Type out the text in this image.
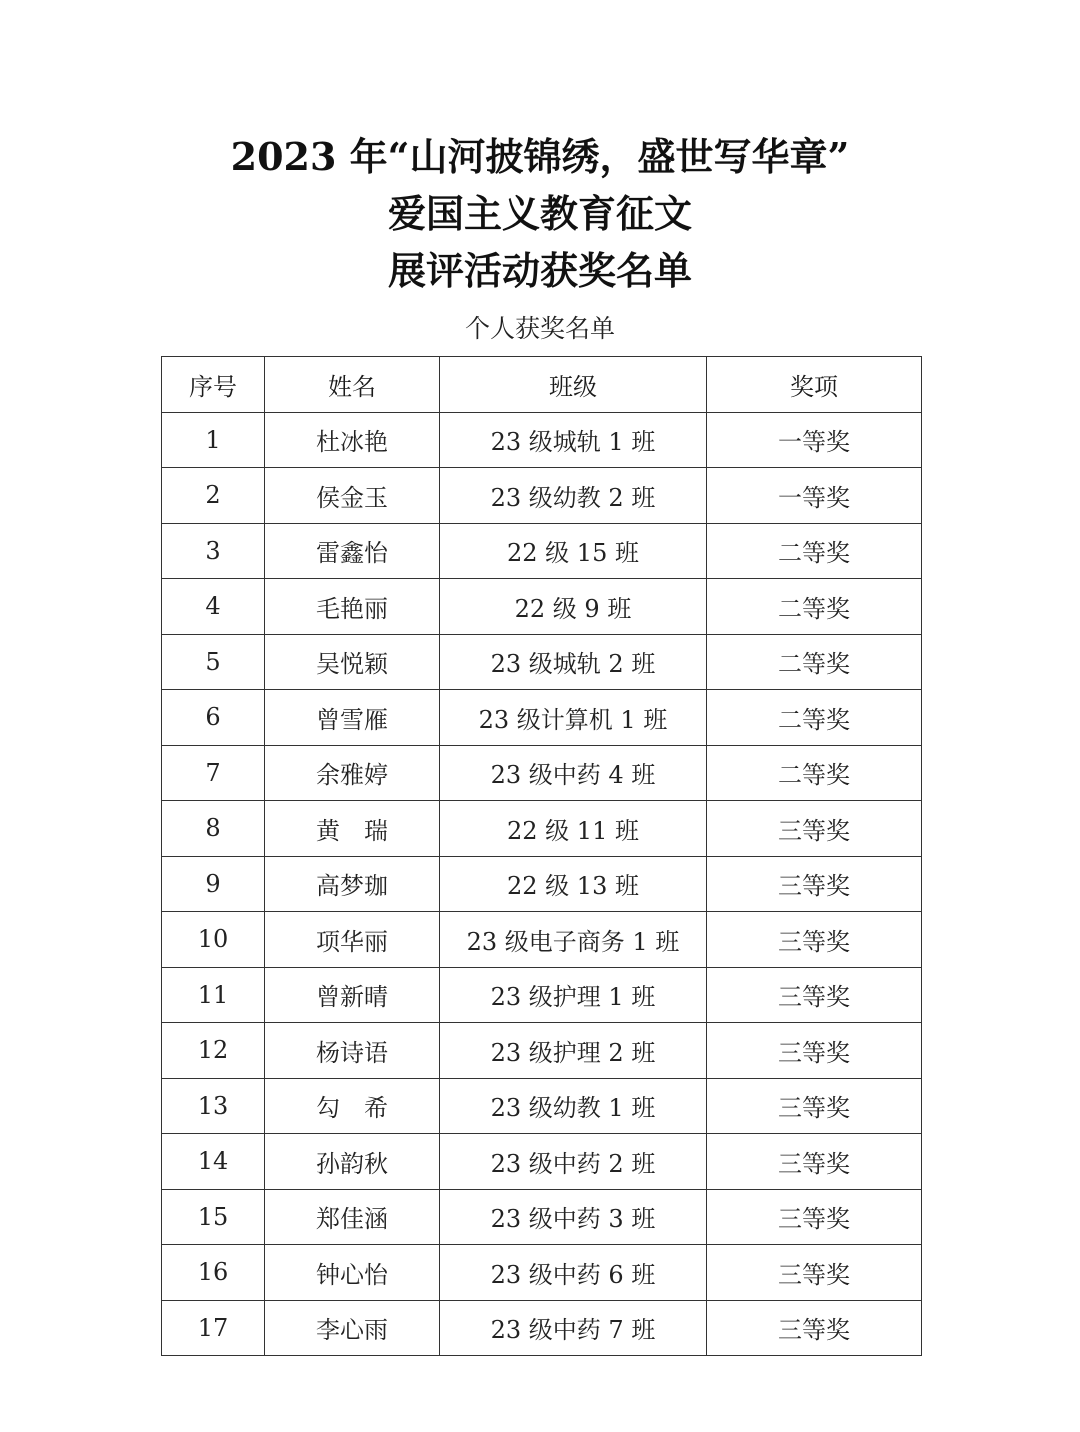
2023 年“山河披锦绣，盛世写华章”
爱国主义教育征文
展评活动获奖名单
个人获奖名单
序号	姓名	班级	奖项
1	杜冰艳	23 级城轨 1 班	一等奖
2	侯金玉	23 级幼教 2 班	一等奖
3	雷鑫怡	22 级 15 班	二等奖
4	毛艳丽	22 级 9 班	二等奖
5	吴悦颖	23 级城轨 2 班	二等奖
6	曾雪雁	23 级计算机 1 班	二等奖
7	余雅婷	23 级中药 4 班	二等奖
8	黄　瑞	22 级 11 班	三等奖
9	高梦珈	22 级 13 班	三等奖
10	项华丽	23 级电子商务 1 班	三等奖
11	曾新晴	23 级护理 1 班	三等奖
12	杨诗语	23 级护理 2 班	三等奖
13	勾　希	23 级幼教 1 班	三等奖
14	孙韵秋	23 级中药 2 班	三等奖
15	郑佳涵	23 级中药 3 班	三等奖
16	钟心怡	23 级中药 6 班	三等奖
17	李心雨	23 级中药 7 班	三等奖
